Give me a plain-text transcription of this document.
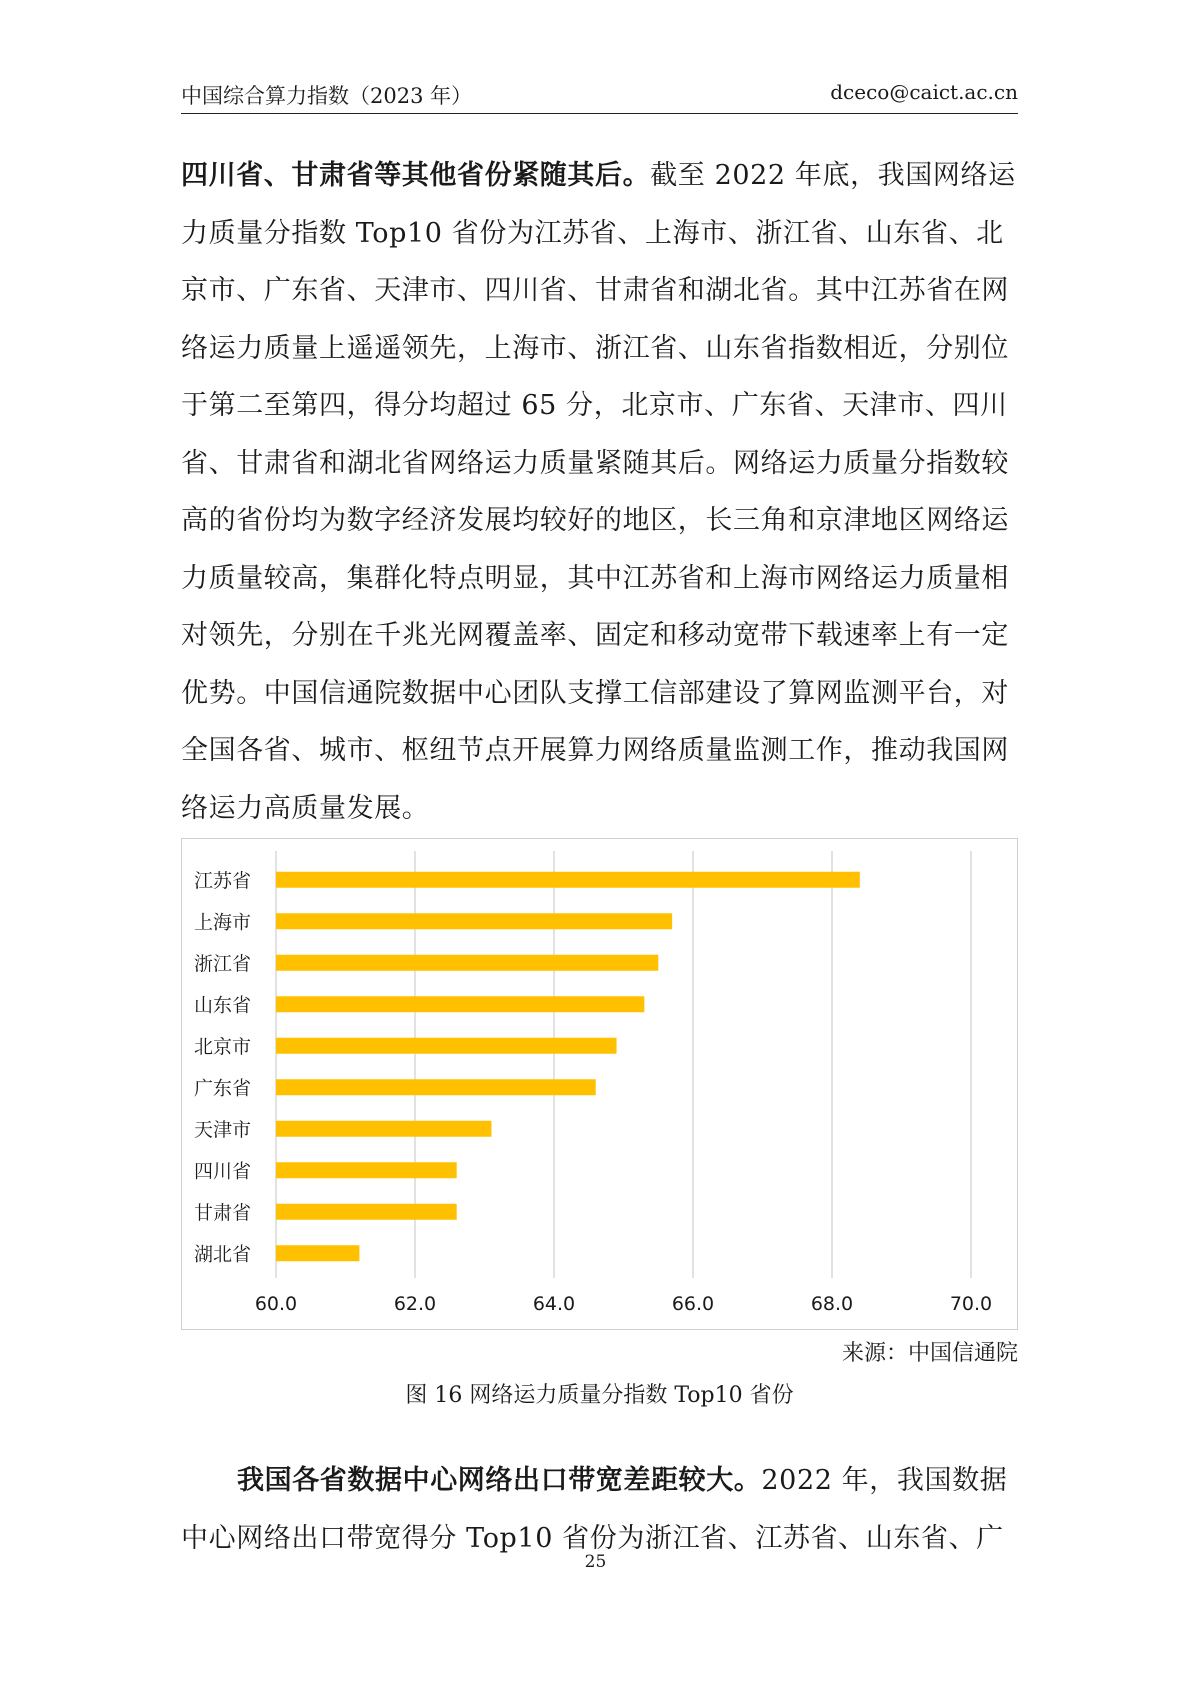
中国综合算力指数（2023 年）	dceco@caict.ac.cn

四川省、甘肃省等其他省份紧随其后。截至 2022 年底，我国网络运力质量分指数 Top10 省份为江苏省、上海市、浙江省、山东省、北京市、广东省、天津市、四川省、甘肃省和湖北省。其中江苏省在网络运力质量上遥遥领先，上海市、浙江省、山东省指数相近，分别位于第二至第四，得分均超过 65 分，北京市、广东省、天津市、四川省、甘肃省和湖北省网络运力质量紧随其后。网络运力质量分指数较高的省份均为数字经济发展均较好的地区，长三角和京津地区网络运力质量较高，集群化特点明显，其中江苏省和上海市网络运力质量相对领先，分别在千兆光网覆盖率、固定和移动宽带下载速率上有一定优势。中国信通院数据中心团队支撑工信部建设了算网监测平台，对全国各省、城市、枢纽节点开展算力网络质量监测工作，推动我国网络运力高质量发展。

60.0	62.0	64.0	66.0	68.0	70.0
江苏省
上海市
浙江省
山东省
北京市
广东省
天津市
四川省
甘肃省
湖北省
来源：中国信通院
图 16 网络运力质量分指数 Top10 省份

我国各省数据中心网络出口带宽差距较大。2022 年，我国数据中心网络出口带宽得分 Top10 省份为浙江省、江苏省、山东省、广

25
